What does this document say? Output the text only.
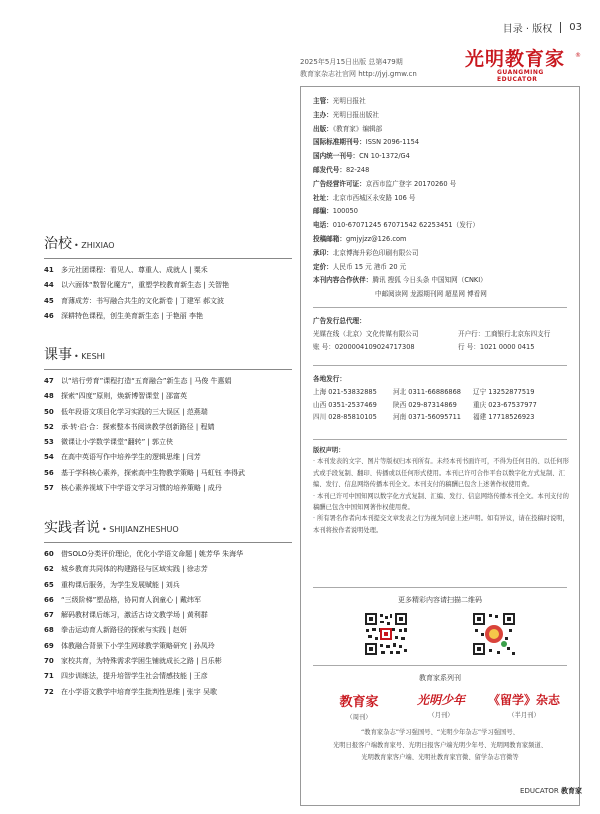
目录 · 版权 03
2025年5月15日出版 总第479期
教育家杂志社官网 http://jyj.gmw.cn
光明教育家
GUANGMING EDUCATOR
®
治校 • ZHIXIAO
41	多元社团课程：看见人、尊重人、成就人 | 粟禾
44	以六面体“数智化魔方”，重塑学校教育新生态 | 关智艳
45	育薄成芳：书写融合共生的文化新卷 | 丁建军 郝文波
46	深耕特色课程，创生美育新生态 | 于艳丽 李艳
课事 • KESHI
47	以“培行劳育”课程打造“五育融合”新生态 | 马俊 牛惠娟
48	探索“四度”原则，焕新博智课堂 | 邵富英
50	低年段语文项目化学习实践的三大误区 | 范燕瑞
52	承·转·启·合：探索整本书阅读教学创新路径 | 程婧
53	微课让小学数学课堂“翻转” | 郭立侠
54	在高中英语写作中培养学生的逻辑思维 | 闫芳
56	基于学科核心素养，探索高中生物教学策略 | 马虹钰 李得武
57	核心素养视域下中学语文学习习惯的培养策略 | 成丹
实践者说 • SHIJIANZHESHUO
60	借SOLO分类评价理论，优化小学语文命题 | 姚芳华 朱海华
62	城乡教育共同体的构建路径与区域实践 | 徐志芳
65	重构课后服务，为学生发展赋能 | 刘兵
66	“三级阶梯”塑品格，协同育人润童心 | 戴纬军
67	解码教材课后练习，激活古诗文教学场 | 黄利群
68	拳击运动育人新路径的探索与实践 | 赵妍
69	体教融合背景下小学生网球教学策略研究 | 孙凤玲
70	家校共育，为特殊需求学困生铺就成长之路 | 吕乐彬
71	四步训练法，提升培智学生社会情感技能 | 王彦
72	在小学语文教学中培育学生批判性思维 | 张宇 吴歌
主管：光明日报社
主办：光明日报出版社
出版：《教育家》编辑部
国际标准期刊号：ISSN 2096-1154
国内统一刊号：CN 10-1372/G4
邮发代号：82-248
广告经营许可证：京西市监广登字 20170260 号
社址：北京市西城区永安路 106 号
邮编：100050
电话：010-67071245 67071542 62253451（发行）
投稿邮箱：gmjyjzz@126.com
承印：北京博海升彩色印刷有限公司
定价：人民币 15 元 港币 20 元
本刊内容合作伙伴：腾讯 搜狐 今日头条 中国知网（CNKI）
中邮阅读网 龙源期刊网 超星网 博看网
广告发行总代理：
光媒在线（北京）文化传媒有限公司	开户行：工商银行北京东四支行
账 号：0200004109024717308	行 号：1021 0000 0415
各地发行：
上海 021-53832885	河北 0311-66886868	辽宁 13252877519
山西 0351-2537469	陕西 029-87314869	重庆 023-67537977
四川 028-85810105	河南 0371-56095711	福建 17718526923
版权声明：

· 本刊发表的文字、图片等版权归本刊所有。未经本刊书面许可，不得为任何目的、以任何形式或手段复制、翻印、传播或以任何形式使用。本刊已许可合作平台以数字化方式复制、汇编、发行、信息网络传播本刊全文。本刊支付的稿酬已包含上述著作权使用费。

· 本刊已许可中国知网以数字化方式复制、汇编、发行、信息网络传播本刊全文。本刊支付的稿酬已包含中国知网著作权使用费。

· 所有署名作者向本刊提交文章发表之行为视为同意上述声明。如有异议，请在投稿时说明，本刊将按作者说明处理。

更多精彩内容请扫描二维码
教育家系列刊
教育家
（周刊）
光明少年
（月刊）
《留学》杂志
（半月刊）
“教育家杂志”学习强国号、“光明少年杂志”学习强国号、
光明日报客户端教育家号、光明日报客户端光明少年号、光明网教育家频道、
光明教育家客户端、光明社教育家官微、留学杂志官微等
EDUCATOR 教育家
